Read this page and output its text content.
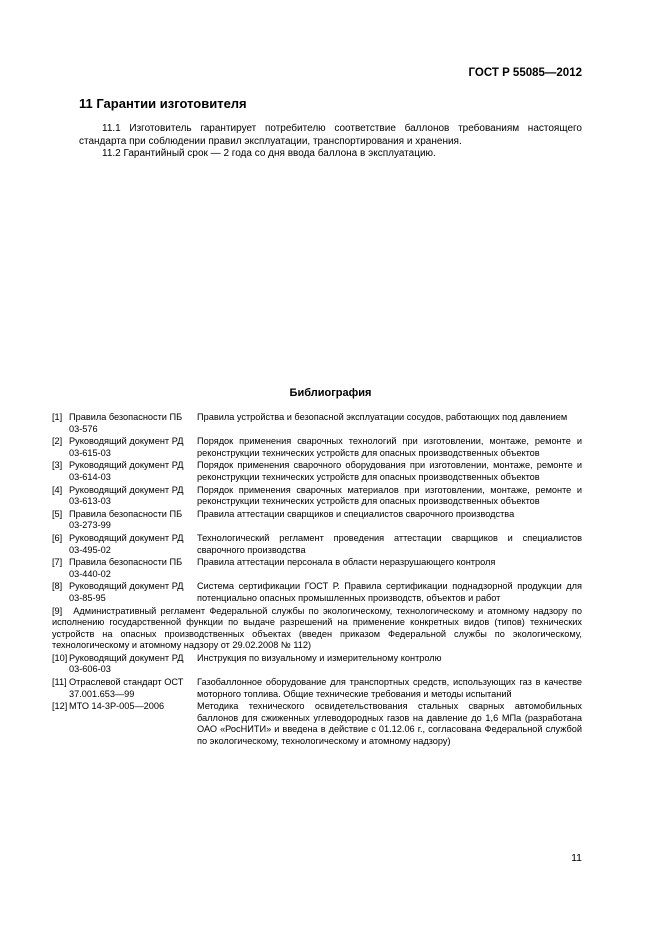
ГОСТ Р 55085—2012
11 Гарантии изготовителя
11.1 Изготовитель гарантирует потребителю соответствие баллонов требованиям настоящего стандарта при соблюдении правил эксплуатации, транспортирования и хранения.
11.2 Гарантийный срок — 2 года со дня ввода баллона в эксплуатацию.
Библиография
[1] Правила безопасности ПБ 03-576
Правила устройства и безопасной эксплуатации сосудов, работающих под давлением
[2] Руководящий документ РД 03-615-03
Порядок применения сварочных технологий при изготовлении, монтаже, ремонте и реконструкции технических устройств для опасных производственных объектов
[3] Руководящий документ РД 03-614-03
Порядок применения сварочного оборудования при изготовлении, монтаже, ремонте и реконструкции технических устройств для опасных производственных объектов
[4] Руководящий документ РД 03-613-03
Порядок применения сварочных материалов при изготовлении, монтаже, ремонте и реконструкции технических устройств для опасных производственных объектов
[5] Правила безопасности ПБ 03-273-99
Правила аттестации сварщиков и специалистов сварочного производства
[6] Руководящий документ РД 03-495-02
Технологический регламент проведения аттестации сварщиков и специалистов сварочного производства
[7] Правила безопасности ПБ 03-440-02
Правила аттестации персонала в области неразрушающего контроля
[8] Руководящий документ РД 03-85-95
Система сертификации ГОСТ Р. Правила сертификации поднадзорной продукции для потенциально опасных промышленных производств, объектов и работ
[9] Административный регламент Федеральной службы по экологическому, технологическому и атомному надзору по исполнению государственной функции по выдаче разрешений на применение конкретных видов (типов) технических устройств на опасных производственных объектах (введен приказом Федеральной службы по экологическому, технологическому и атомному надзору от 29.02.2008 № 112)
[10] Руководящий документ РД 03-606-03
Инструкция по визуальному и измерительному контролю
[11] Отраслевой стандарт ОСТ 37.001.653—99
Газобаллонное оборудование для транспортных средств, использующих газ в качестве моторного топлива. Общие технические требования и методы испытаний
[12] МТО 14-3Р-005—2006	Методика технического освидетельствования стальных сварных автомобильных баллонов для сжиженных углеводородных газов на давление до 1,6 МПа (разработана ОАО «РосНИТИ» и введена в действие с 01.12.06 г., согласована Федеральной службой по экологическому, технологическому и атомному надзору)
11
